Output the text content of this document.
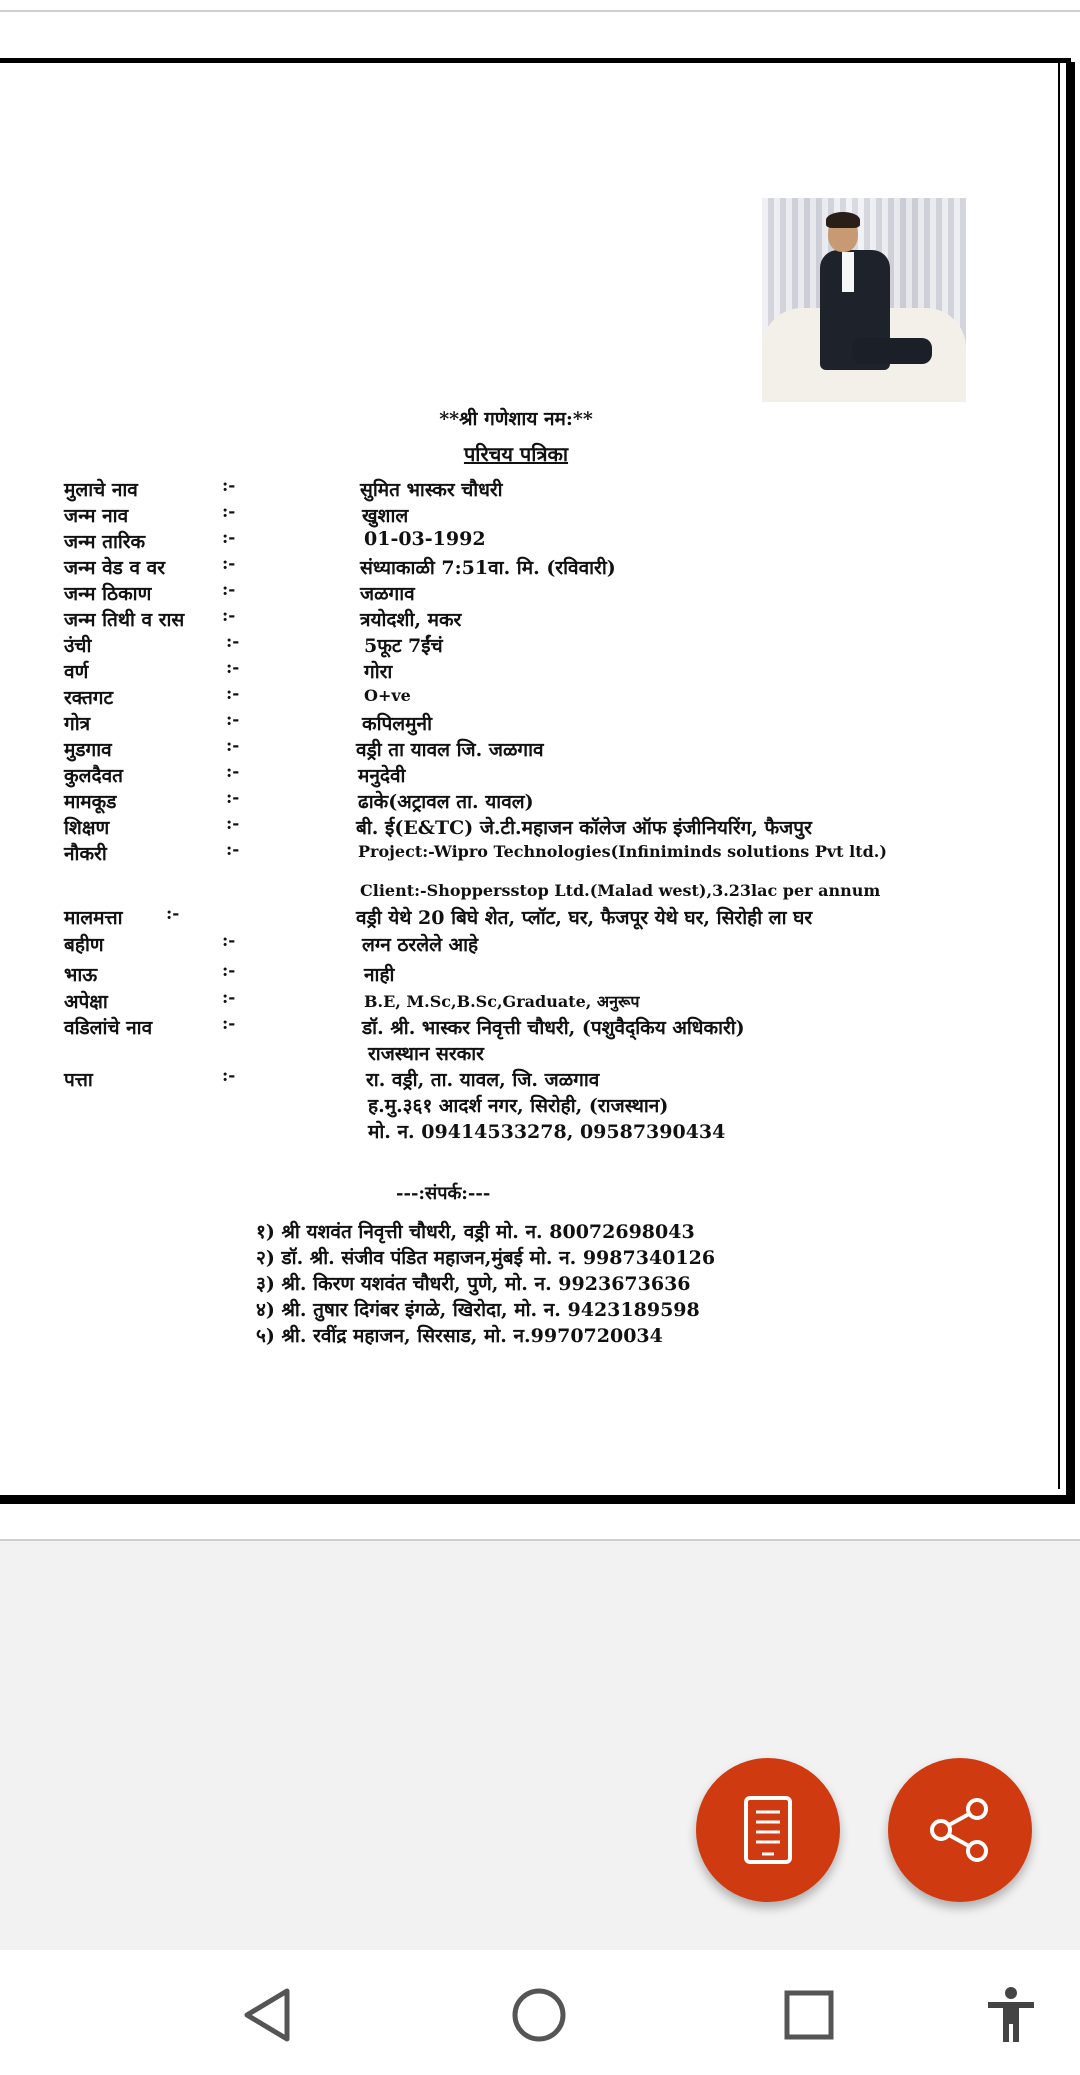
**श्री गणेशाय नम:**
परिचय पत्रिका
मुलाचे नाव	:-	सुमित भास्कर चौधरी
जन्म नाव	:-	खुशाल
जन्म तारिक	:-	01-03-1992
जन्म वेड व वर	:-	संध्याकाळी 7:51वा. मि. (रविवारी)
जन्म ठिकाण	:-	जळगाव
जन्म तिथी व रास :-	त्रयोदशी, मकर
उंची	:-	5फूट 7ईंचं
वर्ण	:-	गोरा
रक्तगट	:-	O+ve
गोत्र	:-	कपिलमुनी
मुडगाव	:-	वड्री ता यावल जि. जळगाव
कुलदैवत	:-	मनुदेवी
मामकूड	:-	ढाके(अट्रावल ता. यावल)
शिक्षण	:-	बी. ई(E&TC) जे.टी.महाजन कॉलेज ऑफ इंजीनियरिंग, फैजपुर
नौकरी	:-	Project:-Wipro Technologies(Infiniminds solutions Pvt ltd.)
Client:-Shoppersstop Ltd.(Malad west),3.23lac per annum
मालमत्ता	:-	वड्री येथे 20 बिघे शेत, प्लॉट, घर, फैजपूर येथे घर, सिरोही ला घर
बहीण	:-	लग्न ठरलेले आहे
भाऊ	:-	नाही
अपेक्षा	:-	B.E, M.Sc,B.Sc,Graduate, अनुरूप
वडिलांचे नाव	:-	डॉ. श्री. भास्कर निवृत्ती चौधरी, (पशुवैद्किय अधिकारी)
राजस्थान सरकार
पत्ता	:-	रा. वड्री, ता. यावल, जि. जळगाव
ह.मु.३६१ आदर्श नगर, सिरोही, (राजस्थान)
मो. न. 09414533278, 09587390434
---:संपर्क:---
१) श्री यशवंत निवृत्ती चौधरी, वड्री मो. न. 80072698043
२) डॉ. श्री. संजीव पंडित महाजन,मुंबई मो. न. 9987340126
३) श्री. किरण यशवंत चौधरी, पुणे, मो. न. 9923673636
४) श्री. तुषार दिगंबर इंगळे, खिरोदा, मो. न. 9423189598
५) श्री. रवींद्र महाजन, सिरसाड, मो. न.9970720034
